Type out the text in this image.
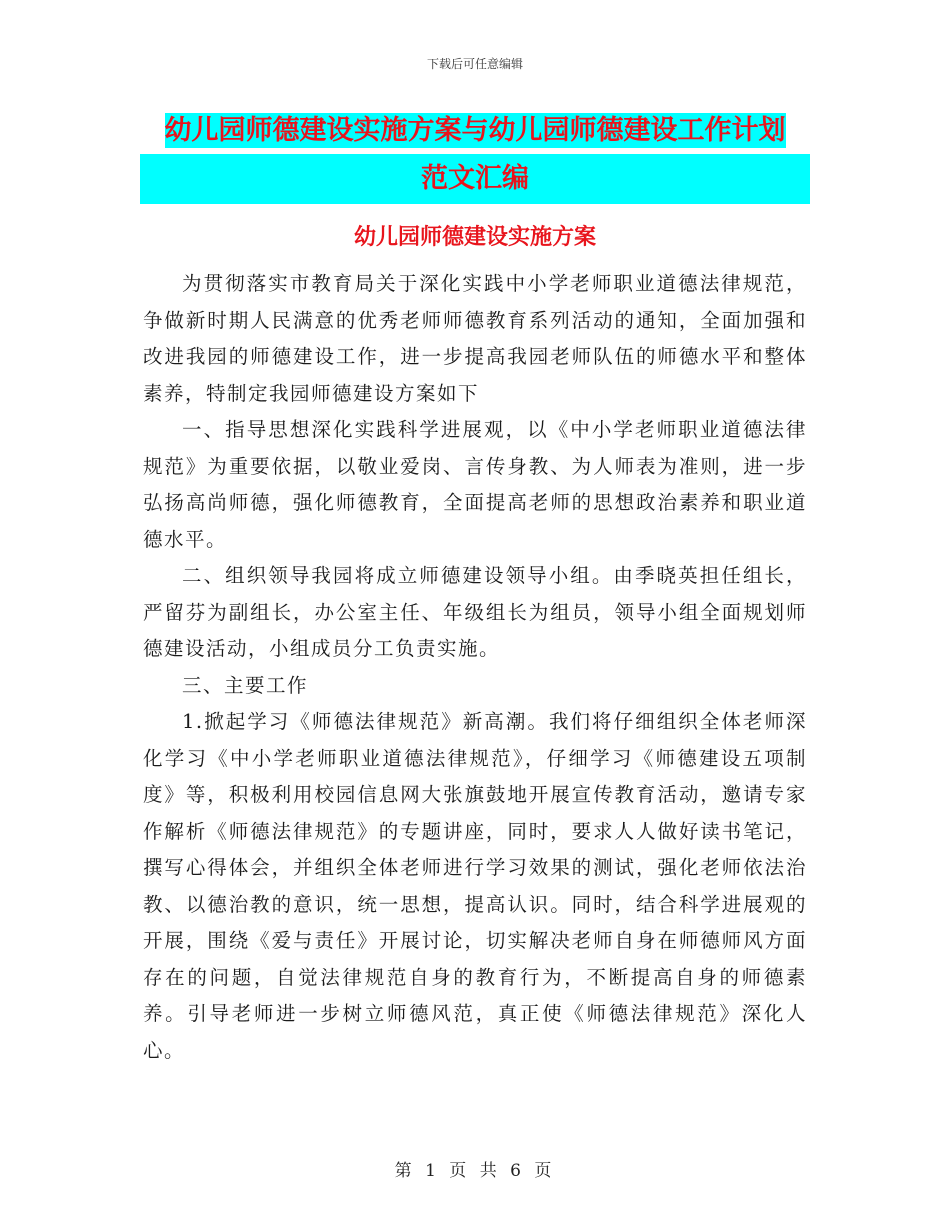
下载后可任意编辑
幼儿园师德建设实施方案与幼儿园师德建设工作计划
范文汇编
幼儿园师德建设实施方案

为贯彻落实市教育局关于深化实践中小学老师职业道德法律规范，争做新时期人民满意的优秀老师师德教育系列活动的通知，全面加强和改进我园的师德建设工作，进一步提高我园老师队伍的师德水平和整体素养，特制定我园师德建设方案如下

一、指导思想深化实践科学进展观，以《中小学老师职业道德法律规范》为重要依据，以敬业爱岗、言传身教、为人师表为准则，进一步弘扬高尚师德，强化师德教育，全面提高老师的思想政治素养和职业道德水平。

二、组织领导我园将成立师德建设领导小组。由季晓英担任组长，严留芬为副组长，办公室主任、年级组长为组员，领导小组全面规划师德建设活动，小组成员分工负责实施。

三、主要工作

1.掀起学习《师德法律规范》新高潮。我们将仔细组织全体老师深化学习《中小学老师职业道德法律规范》，仔细学习《师德建设五项制度》等，积极利用校园信息网大张旗鼓地开展宣传教育活动，邀请专家作解析《师德法律规范》的专题讲座，同时，要求人人做好读书笔记，撰写心得体会，并组织全体老师进行学习效果的测试，强化老师依法治教、以德治教的意识，统一思想，提高认识。同时，结合科学进展观的开展，围绕《爱与责任》开展讨论，切实解决老师自身在师德师风方面存在的问题，自觉法律规范自身的教育行为，不断提高自身的师德素养。引导老师进一步树立师德风范，真正使《师德法律规范》深化人心。

第 1 页 共 6 页
